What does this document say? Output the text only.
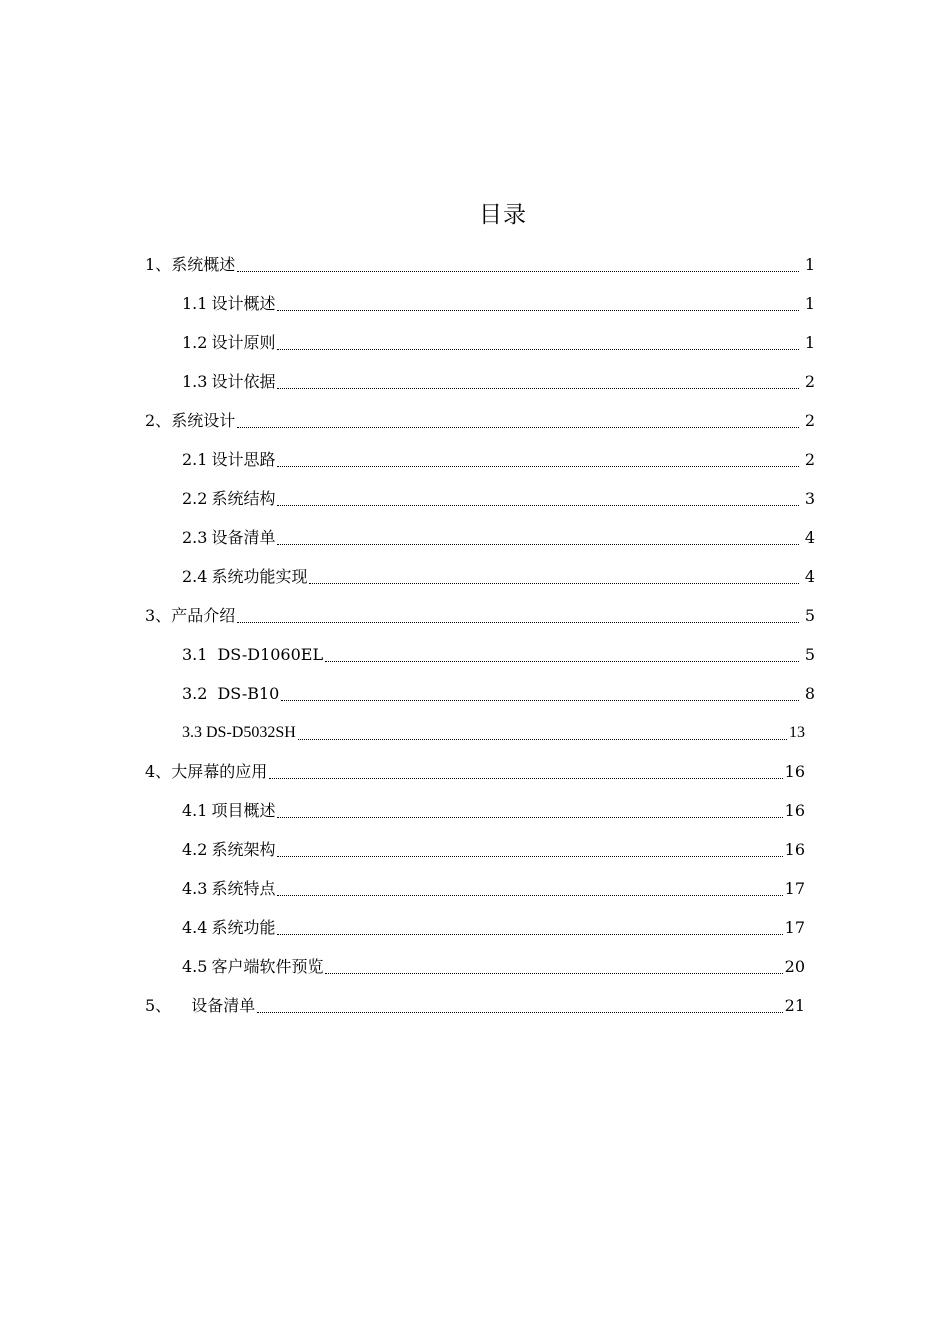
目录
1、 系统概述	1
1.1 设计概述	1
1.2 设计原则	1
1.3 设计依据	2
2、 系统设计	2
2.1 设计思路	2
2.2 系统结构	3
2.3 设备清单	4
2.4 系统功能实现	4
3、 产品介绍	5
3.1 DS-D1060EL	5
3.2 DS-B10	8
3.3 DS-D5032SH	13
4、 大屏幕的应用	16
4.1 项目概述	16
4.2 系统架构	16
4.3 系统特点	17
4.4 系统功能	17
4.5 客户端软件预览	20
5、 设备清单	21
